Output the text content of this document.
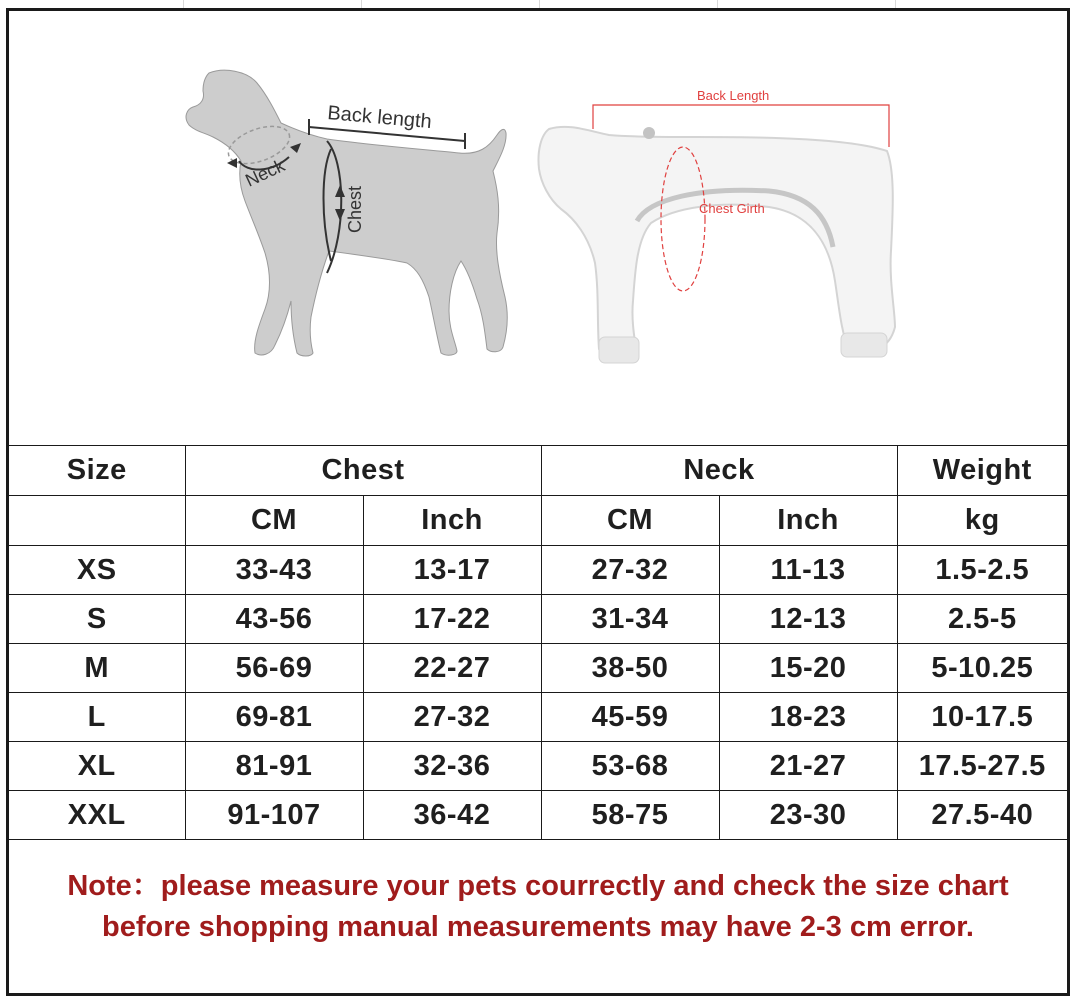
Back length
Neck
Chest
Back Length
Chest Girth
Size	Chest		Neck		Weight
	CM	Inch	CM	Inch	kg
XS	33-43	13-17	27-32	11-13	1.5-2.5
S	43-56	17-22	31-34	12-13	2.5-5
M	56-69	22-27	38-50	15-20	5-10.25
L	69-81	27-32	45-59	18-23	10-17.5
XL	81-91	32-36	53-68	21-27	17.5-27.5
XXL	91-107	36-42	58-75	23-30	27.5-40
Note：please measure your pets courrectly and check the size chart
before shopping manual measurements may have 2-3 cm error.
